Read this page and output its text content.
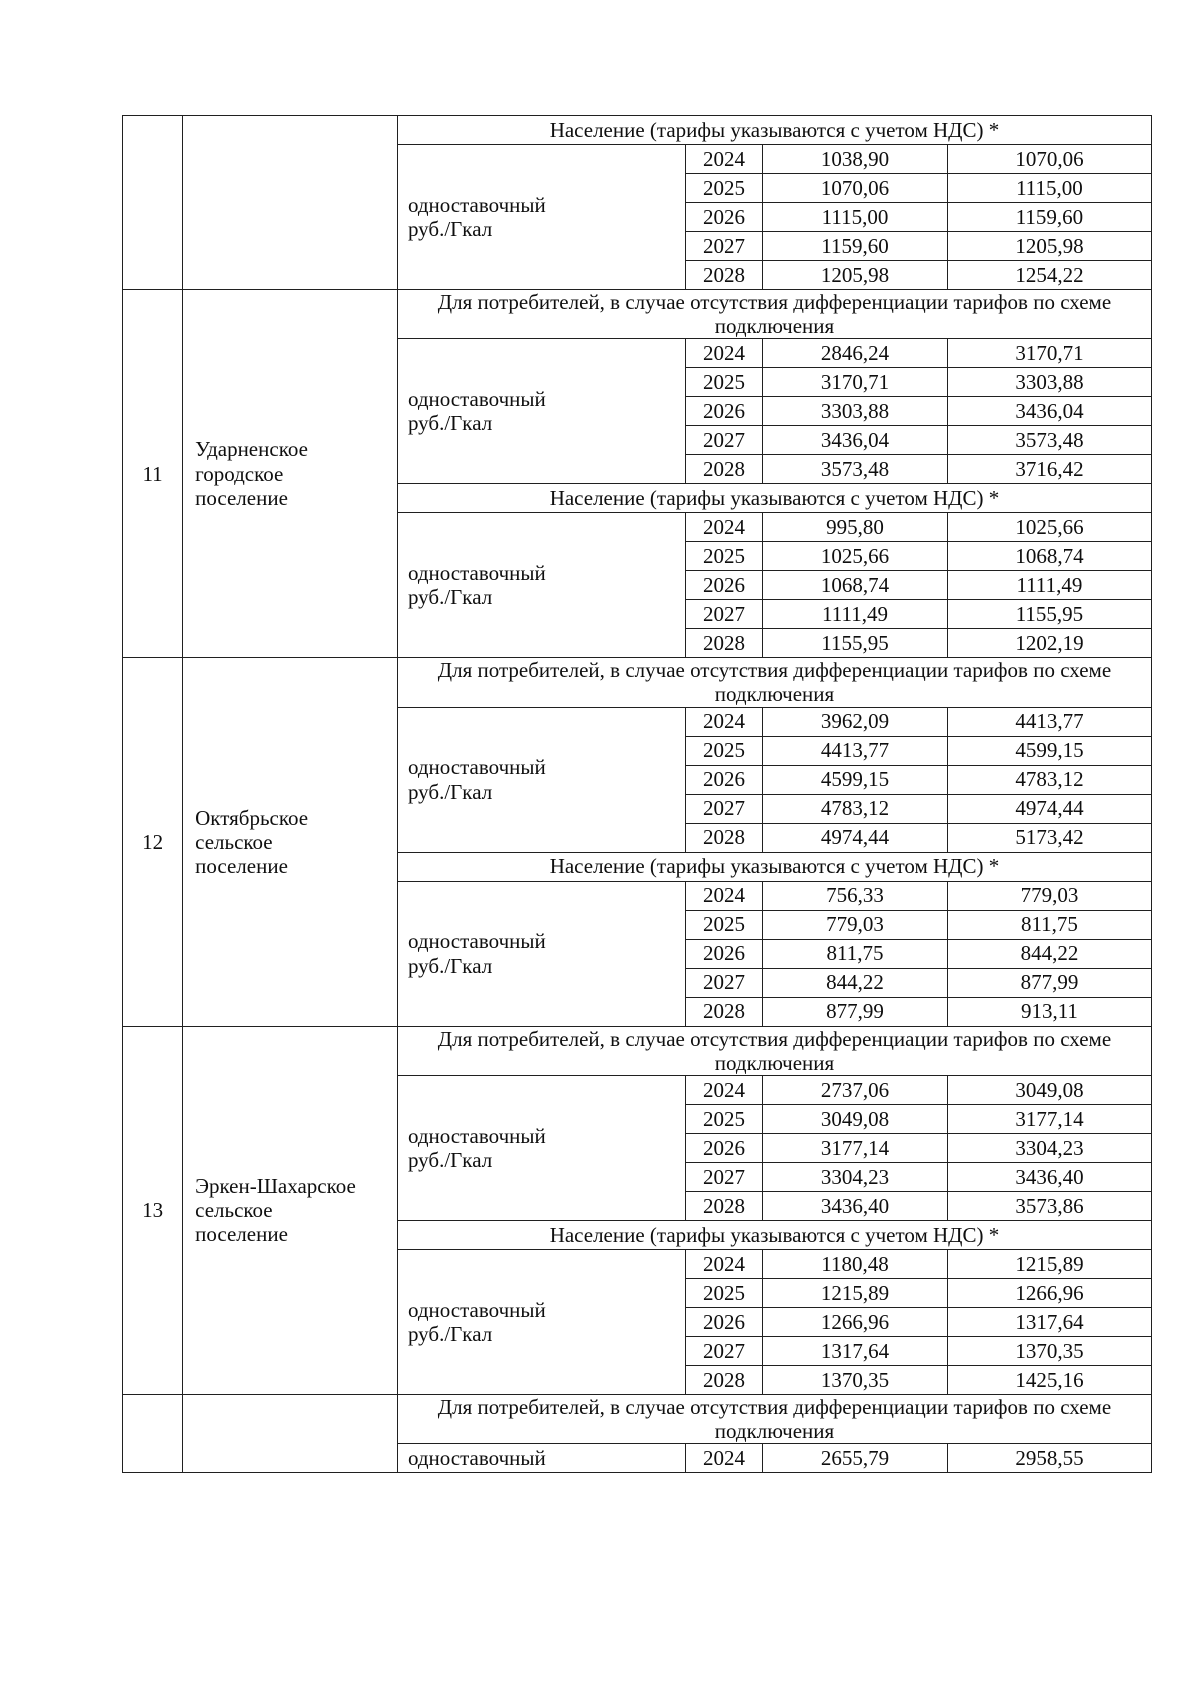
		Население (тарифы указываются с учетом НДС) *			
		одноставочный
руб./Гкал	2024	1038,90	1070,06
			2025	1070,06	1115,00
			2026	1115,00	1159,60
			2027	1159,60	1205,98
			2028	1205,98	1254,22
11	Ударненское
городское
поселение	Для потребителей, в случае отсутствия дифференциации тарифов по схеме подключения			
		одноставочный
руб./Гкал	2024	2846,24	3170,71
			2025	3170,71	3303,88
			2026	3303,88	3436,04
			2027	3436,04	3573,48
			2028	3573,48	3716,42
		Население (тарифы указываются с учетом НДС) *			
		одноставочный
руб./Гкал	2024	995,80	1025,66
			2025	1025,66	1068,74
			2026	1068,74	1111,49
			2027	1111,49	1155,95
			2028	1155,95	1202,19
12	Октябрьское
сельское
поселение	Для потребителей, в случае отсутствия дифференциации тарифов по схеме подключения			
		одноставочный
руб./Гкал	2024	3962,09	4413,77
			2025	4413,77	4599,15
			2026	4599,15	4783,12
			2027	4783,12	4974,44
			2028	4974,44	5173,42
		Население (тарифы указываются с учетом НДС) *			
		одноставочный
руб./Гкал	2024	756,33	779,03
			2025	779,03	811,75
			2026	811,75	844,22
			2027	844,22	877,99
			2028	877,99	913,11
13	Эркен-Шахарское
сельское
поселение	Для потребителей, в случае отсутствия дифференциации тарифов по схеме подключения			
		одноставочный
руб./Гкал	2024	2737,06	3049,08
			2025	3049,08	3177,14
			2026	3177,14	3304,23
			2027	3304,23	3436,40
			2028	3436,40	3573,86
		Население (тарифы указываются с учетом НДС) *			
		одноставочный
руб./Гкал	2024	1180,48	1215,89
			2025	1215,89	1266,96
			2026	1266,96	1317,64
			2027	1317,64	1370,35
			2028	1370,35	1425,16
		Для потребителей, в случае отсутствия дифференциации тарифов по схеме подключения			
		одноставочный	2024	2655,79	2958,55
